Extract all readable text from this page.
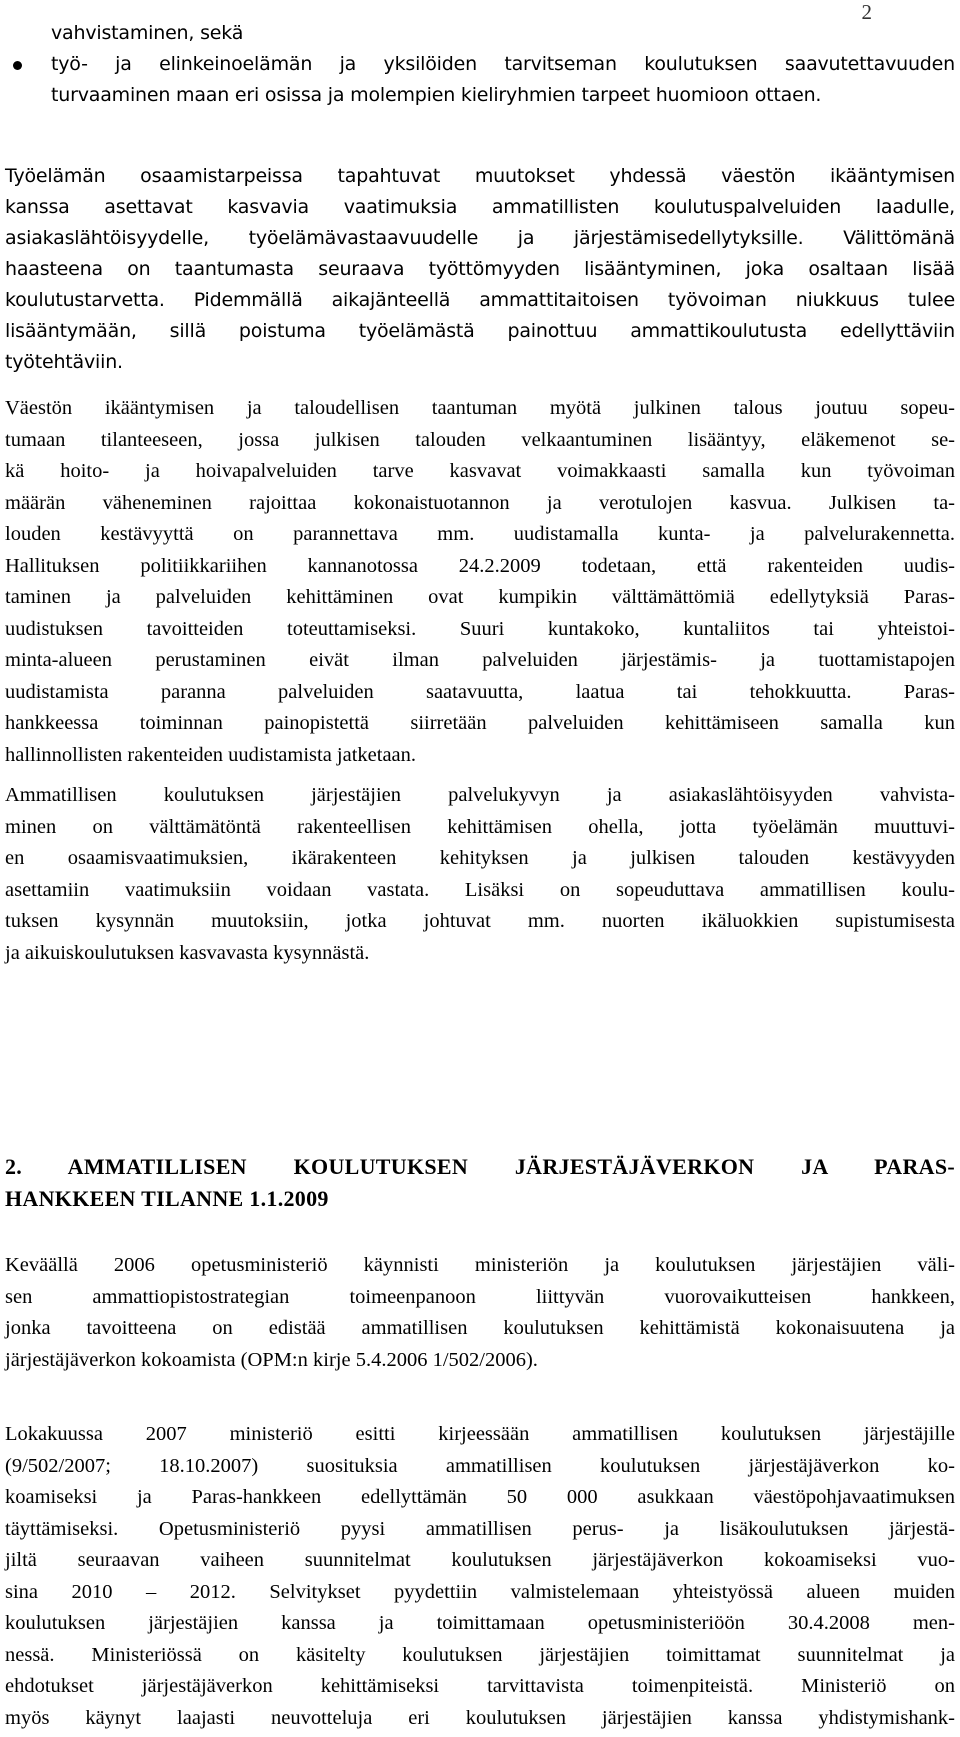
2
vahvistaminen, sekä
työ- ja elinkeinoelämän ja yksilöiden tarvitseman koulutuksen saavutettavuuden
turvaaminen maan eri osissa ja molempien kieliryhmien tarpeet huomioon ottaen.
Työelämän osaamistarpeissa tapahtuvat muutokset yhdessä väestön ikääntymisen
kanssa asettavat kasvavia vaatimuksia ammatillisten koulutuspalveluiden laadulle,
asiakaslähtöisyydelle, työelämävastaavuudelle ja järjestämisedellytyksille. Välittömänä
haasteena on taantumasta seuraava työttömyyden lisääntyminen, joka osaltaan lisää
koulutustarvetta. Pidemmällä aikajänteellä ammattitaitoisen työvoiman niukkuus tulee
lisääntymään, sillä poistuma työelämästä painottuu ammattikoulutusta edellyttäviin
työtehtäviin.
Väestön ikääntymisen ja taloudellisen taantuman myötä julkinen talous joutuu sopeu-
tumaan tilanteeseen, jossa julkisen talouden velkaantuminen lisääntyy, eläkemenot se-
kä hoito- ja hoivapalveluiden tarve kasvavat voimakkaasti samalla kun työvoiman
määrän väheneminen rajoittaa kokonaistuotannon ja verotulojen kasvua. Julkisen ta-
louden kestävyyttä on parannettava mm. uudistamalla kunta- ja palvelurakennetta.
Hallituksen politiikkariihen kannanotossa 24.2.2009 todetaan, että rakenteiden uudis-
taminen ja palveluiden kehittäminen ovat kumpikin välttämättömiä edellytyksiä Paras-
uudistuksen tavoitteiden toteuttamiseksi. Suuri kuntakoko, kuntaliitos tai yhteistoi-
minta-alueen perustaminen eivät ilman palveluiden järjestämis- ja tuottamistapojen
uudistamista paranna palveluiden saatavuutta, laatua tai tehokkuutta. Paras-
hankkeessa toiminnan painopistettä siirretään palveluiden kehittämiseen samalla kun
hallinnollisten rakenteiden uudistamista jatketaan.
Ammatillisen koulutuksen järjestäjien palvelukyvyn ja asiakaslähtöisyyden vahvista-
minen on välttämätöntä rakenteellisen kehittämisen ohella, jotta työelämän muuttuvi-
en osaamisvaatimuksien, ikärakenteen kehityksen ja julkisen talouden kestävyyden
asettamiin vaatimuksiin voidaan vastata. Lisäksi on sopeuduttava ammatillisen koulu-
tuksen kysynnän muutoksiin, jotka johtuvat mm. nuorten ikäluokkien supistumisesta
ja aikuiskoulutuksen kasvavasta kysynnästä.
2. AMMATILLISEN KOULUTUKSEN JÄRJESTÄJÄVERKON JA PARAS-
HANKKEEN TILANNE 1.1.2009
Keväällä 2006 opetusministeriö käynnisti ministeriön ja koulutuksen järjestäjien väli-
sen ammattiopistostrategian toimeenpanoon liittyvän vuorovaikutteisen hankkeen,
jonka tavoitteena on edistää ammatillisen koulutuksen kehittämistä kokonaisuutena ja
järjestäjäverkon kokoamista (OPM:n kirje 5.4.2006 1/502/2006).
Lokakuussa 2007 ministeriö esitti kirjeessään ammatillisen koulutuksen järjestäjille
(9/502/2007; 18.10.2007) suosituksia ammatillisen koulutuksen järjestäjäverkon ko-
koamiseksi ja Paras-hankkeen edellyttämän 50 000 asukkaan väestöpohjavaatimuksen
täyttämiseksi. Opetusministeriö pyysi ammatillisen perus- ja lisäkoulutuksen järjestä-
jiltä seuraavan vaiheen suunnitelmat koulutuksen järjestäjäverkon kokoamiseksi vuo-
sina 2010 – 2012. Selvitykset pyydettiin valmistelemaan yhteistyössä alueen muiden
koulutuksen järjestäjien kanssa ja toimittamaan opetusministeriöön 30.4.2008 men-
nessä. Ministeriössä on käsitelty koulutuksen järjestäjien toimittamat suunnitelmat ja
ehdotukset järjestäjäverkon kehittämiseksi tarvittavista toimenpiteistä. Ministeriö on
myös käynyt laajasti neuvotteluja eri koulutuksen järjestäjien kanssa yhdistymishank-
